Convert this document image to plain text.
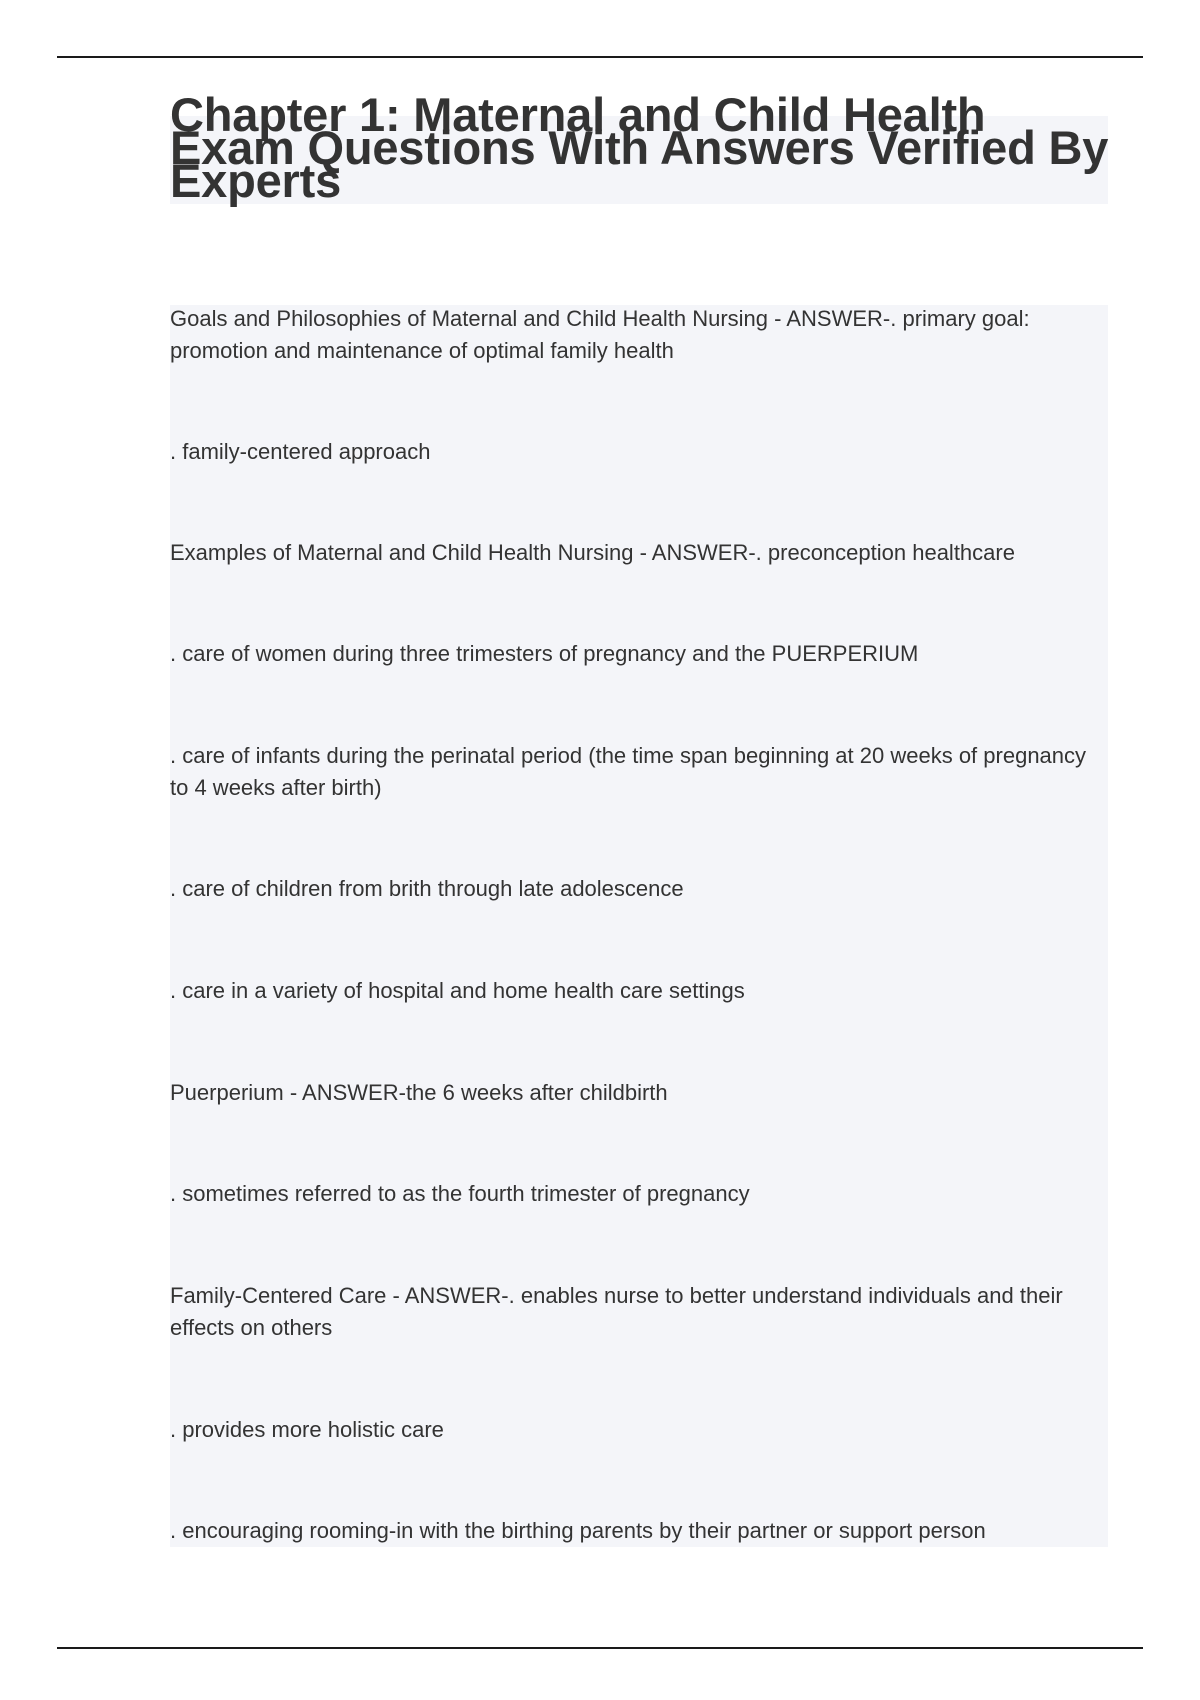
Chapter 1: Maternal and Child Health Exam Questions With Answers Verified By Experts

Goals and Philosophies of Maternal and Child Health Nursing - ANSWER-. primary goal: promotion and maintenance of optimal family health

. family-centered approach

Examples of Maternal and Child Health Nursing - ANSWER-. preconception healthcare

. care of women during three trimesters of pregnancy and the PUERPERIUM

. care of infants during the perinatal period (the time span beginning at 20 weeks of pregnancy to 4 weeks after birth)

. care of children from brith through late adolescence

. care in a variety of hospital and home health care settings

Puerperium - ANSWER-the 6 weeks after childbirth

. sometimes referred to as the fourth trimester of pregnancy

Family-Centered Care - ANSWER-. enables nurse to better understand individuals and their effects on others

. provides more holistic care

. encouraging rooming-in with the birthing parents by their partner or support person
